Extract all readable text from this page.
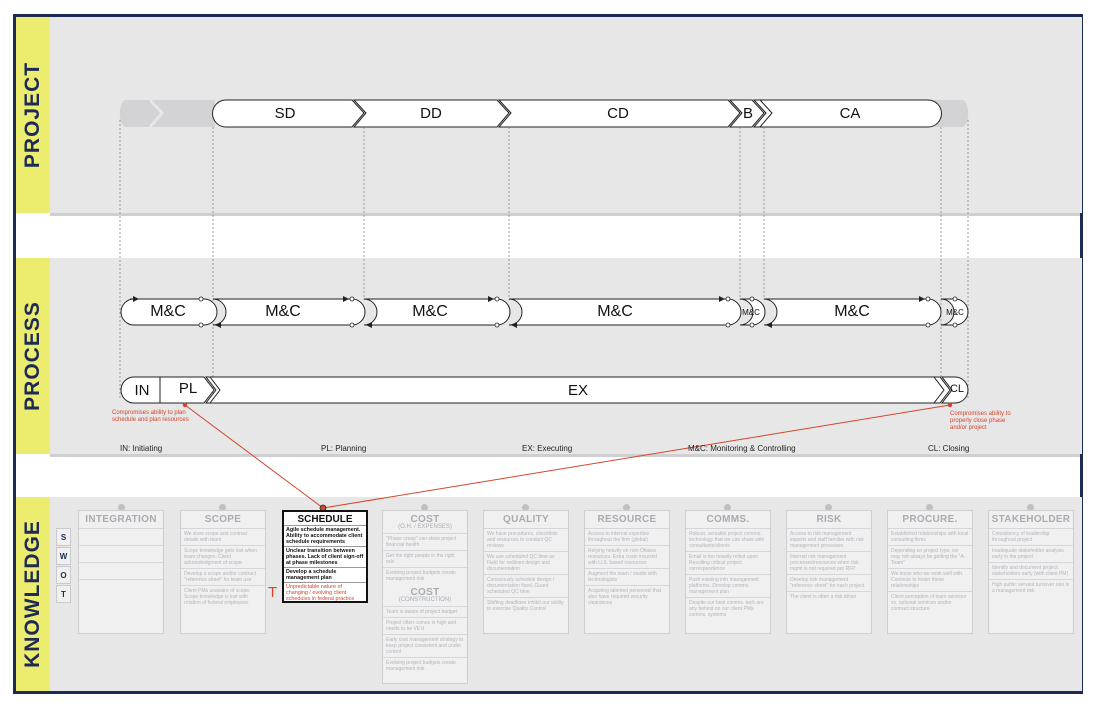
PROJECT
PROCESS
KNOWLEDGE
SD	DD	CD	B	CA
M&C	M&C	M&C	M&C	M&C	M&C	M&C
IN	PL	EX	CL
Compromises ability to plan schedule and plan resources
Compromises ability to properly close phase and/or project
IN: Initiating	PL: Planning	EX: Executing	M&C: Monitoring & Controlling	CL: Closing
S
W
O
T
INTEGRATION	SCOPE
We store scope and contract details with team
Scope knowledge gets lost when team changes. Client acknowledgment of scope
Develop a scope and/or contract "reference sheet" for team use
Client PMs unaware of scope. Scope knowledge is lost with rotation of federal employees
SCHEDULE
Agile schedule management. Ability to accommodate client schedule requirements
Unclear transition between phases. Lack of client sign-off at phase milestones
Develop a schedule management plan
Unpredictable nature of changing / evolving client schedules in federal practice
T
COST
(O.H. / EXPENSES)
"Phase creep" can skew project financial health
Get the right people in the right role
Evolving project budgets create management risk
COST
(CONSTRUCTION)
Team is aware of project budget
Project often comes in high and needs to be VE'd
Early cost management strategy to keep project consistent and under control
Evolving project budgets create management risk
QUALITY
We have procedures, checklists and resources to conduct QC reviews
We use scheduled QC time as Field for redlines design and documentation
Consciously schedule design / documentation fixed. Guard scheduled QC time
Shifting deadlines inhibit our ability to exercise Quality Control
RESOURCE
Access to internal expertise throughout the firm (global)
Relying heavily on non-Ottawa resources. Extra costs incurred with U.S. based resources
Augment the team / studio with technologists
Acquiring talented personnel that also have required security clearances
COMMS.
Robust, versatile project comms. technology that we can share with consultants/clients
Email is too heavily relied upon. Resulting critical project correspondence
Push existing info management platforms. Develop comms. management plan
Despite our best comms. tech are any behind on our client PMs comms. systems
RISK
Access to risk management experts and staff familiar with risk management processes
Internal risk management processes/resources when risk mgmt is not required per RFP
Develop risk management "reference sheet" for each project
The client is often a risk driver
PROCURE.
Established relationships with local consulting firms
Depending on project type, we may not always be getting the "A-Team"
We know who we work well with. Continue to foster these relationships
Client perception of team services vs. optional services and/or contract structure
STAKEHOLDER
Consistency of leadership throughout project
Inadequate stakeholder analysis early in the project
Identify and document project stakeholders early (with client PM)
High public servant turnover rate is a management risk
